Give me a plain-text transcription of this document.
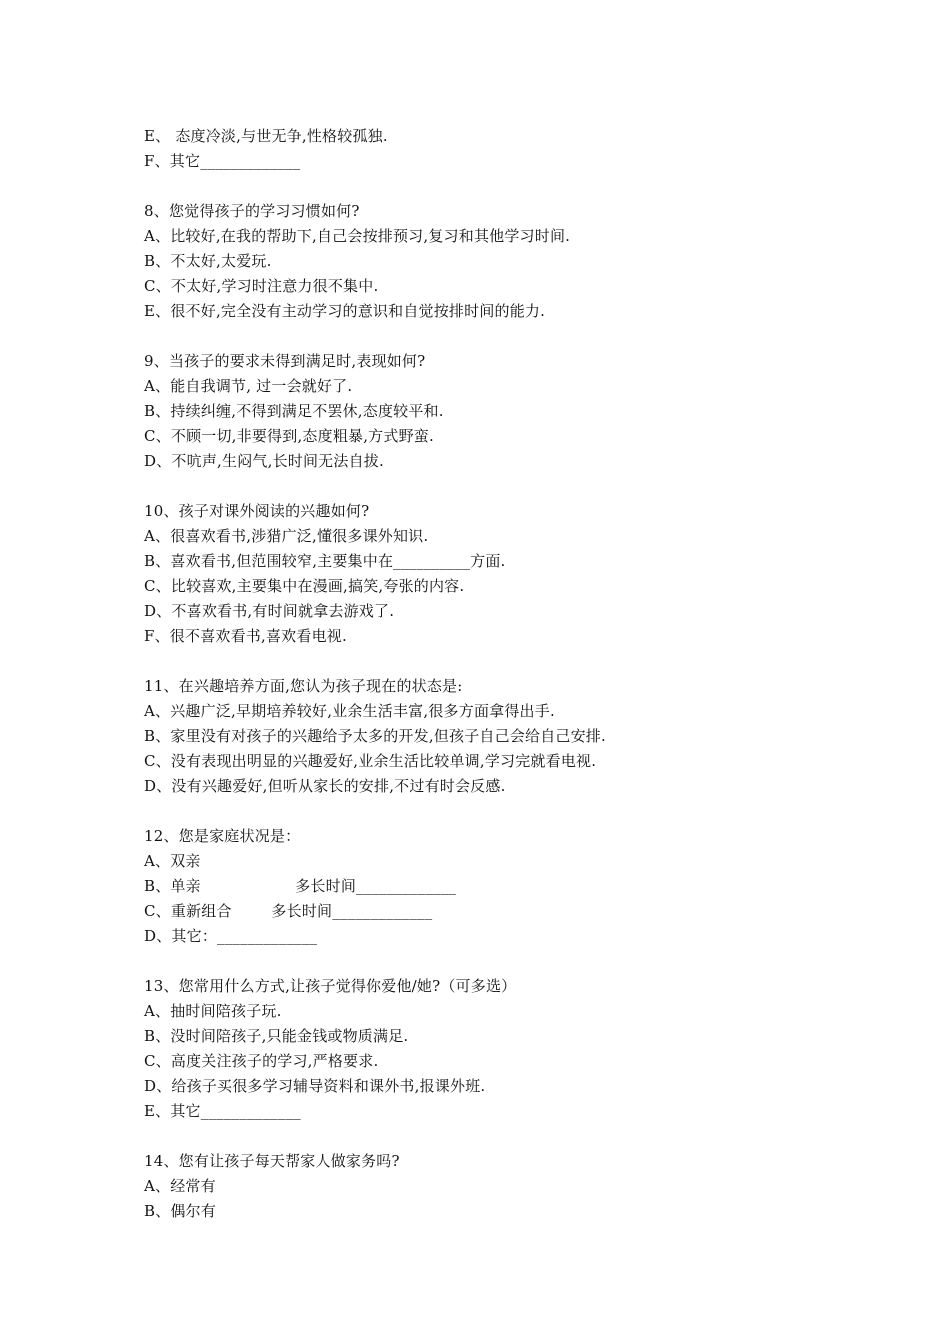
E、 态度冷淡,与世无争,性格较孤独.
F、其它_____________
8、您觉得孩子的学习习惯如何?
A、比较好,在我的帮助下,自己会按排预习,复习和其他学习时间.
B、不太好,太爱玩.
C、不太好,学习时注意力很不集中.
E、很不好,完全没有主动学习的意识和自觉按排时间的能力.
9、当孩子的要求未得到满足时,表现如何?
A、能自我调节, 过一会就好了.
B、持续纠缠,不得到满足不罢休,态度较平和.
C、不顾一切,非要得到,态度粗暴,方式野蛮.
D、不吭声,生闷气,长时间无法自拔.
10、孩子对课外阅读的兴趣如何?
A、很喜欢看书,涉猎广泛,懂很多课外知识.
B、喜欢看书,但范围较窄,主要集中在__________方面.
C、比较喜欢,主要集中在漫画,搞笑,夸张的内容.
D、不喜欢看书,有时间就拿去游戏了.
F、很不喜欢看书,喜欢看电视.
11、在兴趣培养方面,您认为孩子现在的状态是:
A、兴趣广泛,早期培养较好,业余生活丰富,很多方面拿得出手.
B、家里没有对孩子的兴趣给予太多的开发,但孩子自己会给自己安排.
C、没有表现出明显的兴趣爱好,业余生活比较单调,学习完就看电视.
D、没有兴趣爱好,但听从家长的安排,不过有时会反感.
12、您是家庭状况是：
A、双亲
B、单亲                   多长时间_____________
C、重新组合        多长时间_____________
D、其它：_____________
13、您常用什么方式,让孩子觉得你爱他/她?（可多选）
A、抽时间陪孩子玩.
B、没时间陪孩子,只能金钱或物质满足.
C、高度关注孩子的学习,严格要求.
D、给孩子买很多学习辅导资料和课外书,报课外班.
E、其它_____________
14、您有让孩子每天帮家人做家务吗?
A、经常有
B、偶尔有
